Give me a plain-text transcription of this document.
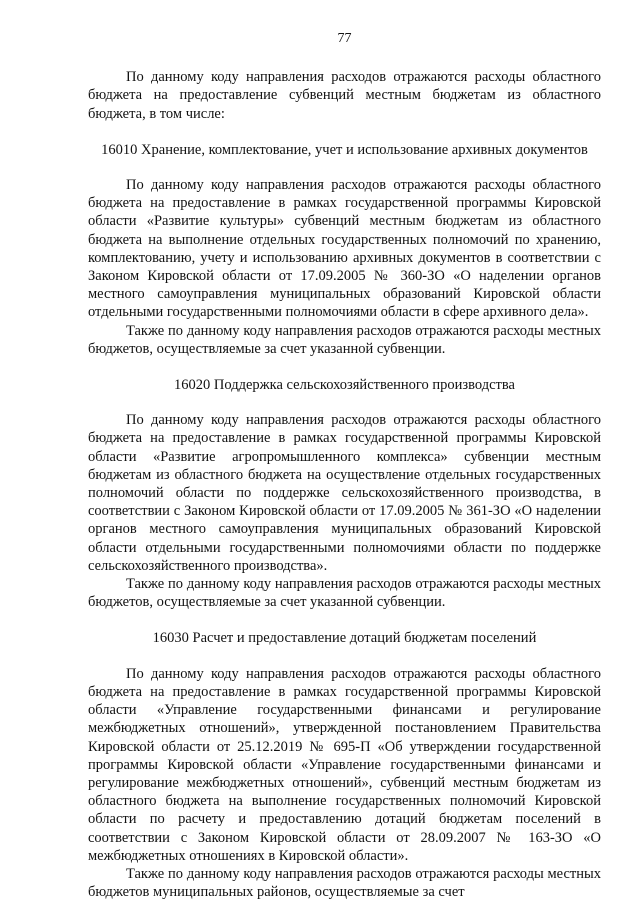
77

По данному коду направления расходов отражаются расходы областного бюджета на предоставление субвенций местным бюджетам из областного бюджета, в том числе:

16010 Хранение, комплектование, учет и использование архивных документов

По данному коду направления расходов отражаются расходы областного бюджета на предоставление в рамках государственной программы Кировской области «Развитие культуры» субвенций местным бюджетам из областного бюджета на выполнение отдельных государственных полномочий по хранению, комплектованию, учету и использованию архивных документов в соответствии с Законом Кировской области от 17.09.2005 № 360-ЗО «О наделении органов местного самоуправления муниципальных образований Кировской области отдельными государственными полномочиями области в сфере архивного дела».

Также по данному коду направления расходов отражаются расходы местных бюджетов, осуществляемые за счет указанной субвенции.

16020 Поддержка сельскохозяйственного производства

По данному коду направления расходов отражаются расходы областного бюджета на предоставление в рамках государственной программы Кировской области «Развитие агропромышленного комплекса» субвенции местным бюджетам из областного бюджета на осуществление отдельных государственных полномочий области по поддержке сельскохозяйственного производства, в соответствии с Законом Кировской области от 17.09.2005 № 361-ЗО «О наделении органов местного самоуправления муниципальных образований Кировской области отдельными государственными полномочиями области по поддержке сельскохозяйственного производства».

Также по данному коду направления расходов отражаются расходы местных бюджетов, осуществляемые за счет указанной субвенции.

16030 Расчет и предоставление дотаций бюджетам поселений

По данному коду направления расходов отражаются расходы областного бюджета на предоставление в рамках государственной программы Кировской области «Управление государственными финансами и регулирование межбюджетных отношений», утвержденной постановлением Правительства Кировской области от 25.12.2019 № 695-П «Об утверждении государственной программы Кировской области «Управление государственными финансами и регулирование межбюджетных отношений», субвенций местным бюджетам из областного бюджета на выполнение государственных полномочий Кировской области по расчету и предоставлению дотаций бюджетам поселений в соответствии с Законом Кировской области от 28.09.2007 № 163-ЗО «О межбюджетных отношениях в Кировской области».

Также по данному коду направления расходов отражаются расходы местных бюджетов муниципальных районов, осуществляемые за счет
